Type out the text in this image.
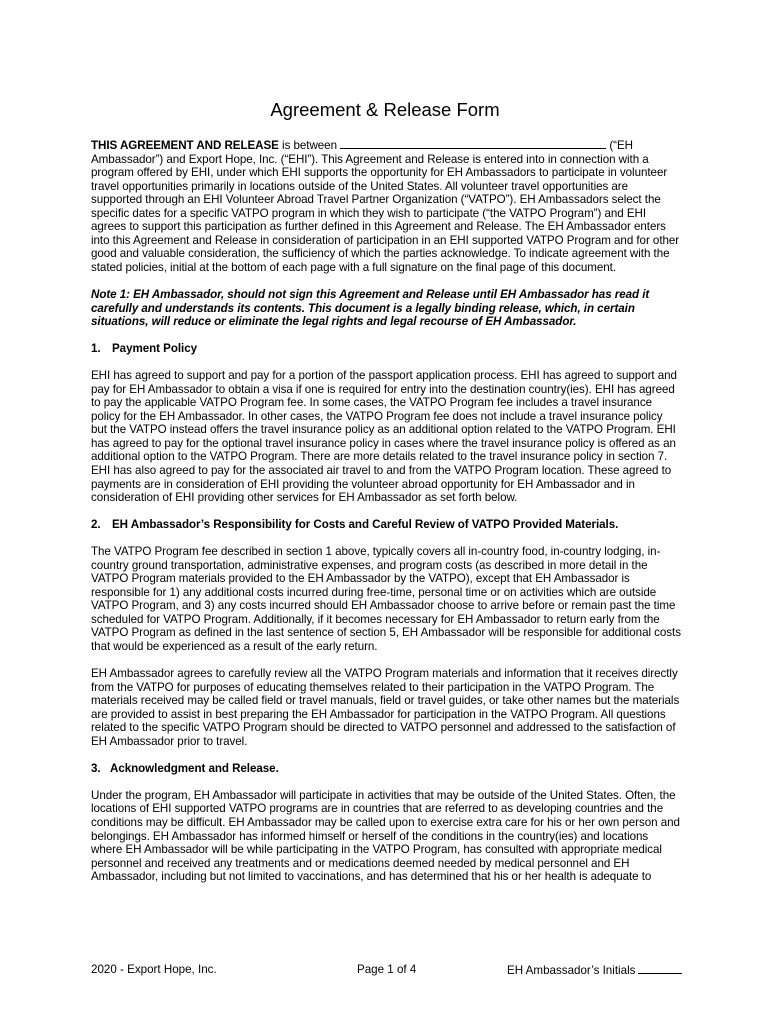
Agreement & Release Form

THIS AGREEMENT AND RELEASE is between	(“EH Ambassador”) and Export Hope, Inc. (“EHI”). This Agreement and Release is entered into in connection with a program offered by EHI, under which EHI supports the opportunity for EH Ambassadors to participate in volunteer travel opportunities primarily in locations outside of the United States. All volunteer travel opportunities are supported through an EHI Volunteer Abroad Travel Partner Organization (“VATPO”). EH Ambassadors select the specific dates for a specific VATPO program in which they wish to participate (“the VATPO Program”) and EHI agrees to support this participation as further defined in this Agreement and Release. The EH Ambassador enters into this Agreement and Release in consideration of participation in an EHI supported VATPO Program and for other good and valuable consideration, the sufficiency of which the parties acknowledge. To indicate agreement with the stated policies, initial at the bottom of each page with a full signature on the final page of this document.

Note 1: EH Ambassador, should not sign this Agreement and Release until EH Ambassador has read it carefully and understands its contents. This document is a legally binding release, which, in certain situations, will reduce or eliminate the legal rights and legal recourse of EH Ambassador.

1. Payment Policy

EHI has agreed to support and pay for a portion of the passport application process. EHI has agreed to support and pay for EH Ambassador to obtain a visa if one is required for entry into the destination country(ies). EHI has agreed to pay the applicable VATPO Program fee. In some cases, the VATPO Program fee includes a travel insurance policy for the EH Ambassador. In other cases, the VATPO Program fee does not include a travel insurance policy but the VATPO instead offers the travel insurance policy as an additional option related to the VATPO Program. EHI has agreed to pay for the optional travel insurance policy in cases where the travel insurance policy is offered as an additional option to the VATPO Program. There are more details related to the travel insurance policy in section 7. EHI has also agreed to pay for the associated air travel to and from the VATPO Program location. These agreed to payments are in consideration of EHI providing the volunteer abroad opportunity for EH Ambassador and in consideration of EHI providing other services for EH Ambassador as set forth below.

2. EH Ambassador’s Responsibility for Costs and Careful Review of VATPO Provided Materials.

The VATPO Program fee described in section 1 above, typically covers all in-country food, in-country lodging, in-country ground transportation, administrative expenses, and program costs (as described in more detail in the VATPO Program materials provided to the EH Ambassador by the VATPO), except that EH Ambassador is responsible for 1) any additional costs incurred during free-time, personal time or on activities which are outside VATPO Program, and 3) any costs incurred should EH Ambassador choose to arrive before or remain past the time scheduled for VATPO Program. Additionally, if it becomes necessary for EH Ambassador to return early from the VATPO Program as defined in the last sentence of section 5, EH Ambassador will be responsible for additional costs that would be experienced as a result of the early return.

EH Ambassador agrees to carefully review all the VATPO Program materials and information that it receives directly from the VATPO for purposes of educating themselves related to their participation in the VATPO Program. The materials received may be called field or travel manuals, field or travel guides, or take other names but the materials are provided to assist in best preparing the EH Ambassador for participation in the VATPO Program. All questions related to the specific VATPO Program should be directed to VATPO personnel and addressed to the satisfaction of EH Ambassador prior to travel.

3. Acknowledgment and Release.

Under the program, EH Ambassador will participate in activities that may be outside of the United States. Often, the locations of EHI supported VATPO programs are in countries that are referred to as developing countries and the conditions may be difficult. EH Ambassador may be called upon to exercise extra care for his or her own person and belongings. EH Ambassador has informed himself or herself of the conditions in the country(ies) and locations where EH Ambassador will be while participating in the VATPO Program, has consulted with appropriate medical personnel and received any treatments and or medications deemed needed by medical personnel and EH Ambassador, including but not limited to vaccinations, and has determined that his or her health is adequate to

2020 - Export Hope, Inc.	Page 1 of 4	EH Ambassador’s Initials
